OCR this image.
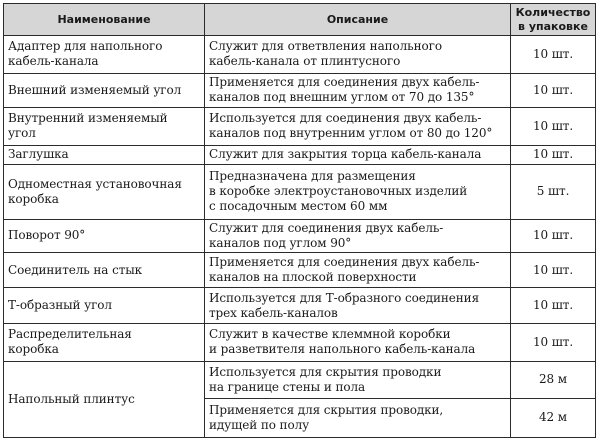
Наименование	Описание	Количество
в упаковке

Адаптер для напольного
кабель-канала	Служит для ответвления напольного
кабель-канала от плинтусного	10 шт.

Внешний изменяемый угол	Применяется для соединения двух кабель-
каналов под внешним углом от 70 до 135°	10 шт.

Внутренний изменяемый
угол	Используется для соединения двух кабель-
каналов под внутренним углом от 80 до 120°	10 шт.

Заглушка	Служит для закрытия торца кабель-канала	10 шт.

Одноместная установочная
коробка	Предназначена для размещения
в коробке электроустановочных изделий
с посадочным местом 60 мм	5 шт.

Поворот 90°	Служит для соединения двух кабель-
каналов под углом 90°	10 шт.

Соединитель на стык	Применяется для соединения двух кабель-
каналов на плоской поверхности	10 шт.

Т-образный угол	Используется для Т-образного соединения
трех кабель-каналов	10 шт.

Распределительная
коробка	Служит в качестве клеммной коробки
и разветвителя напольного кабель-канала	10 шт.
Напольный плинтус	Используется для скрытия проводки
на границе стены и пола	28 м

	Применяется для скрытия проводки,
идущей по полу	42 м
